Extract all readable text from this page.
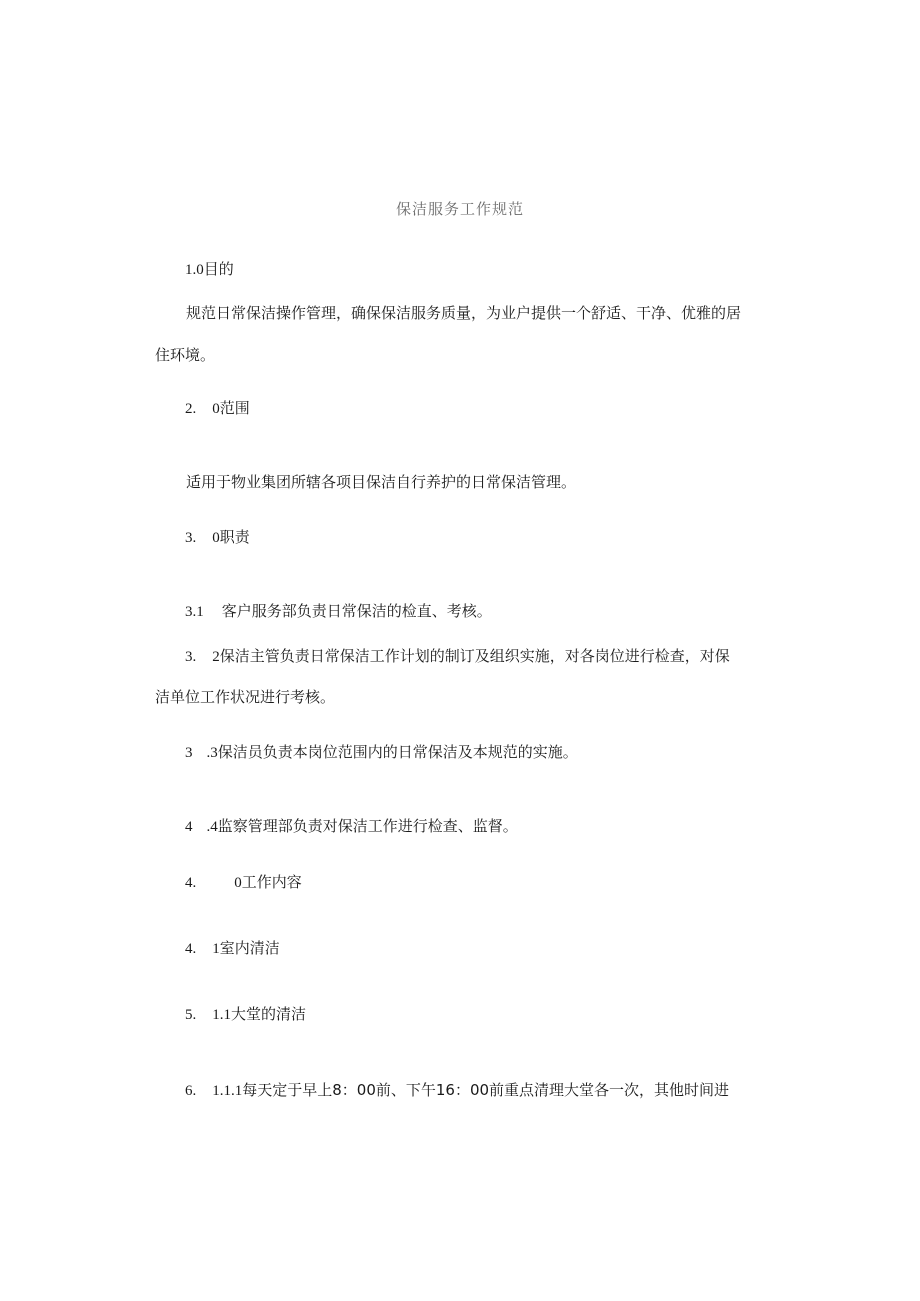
保洁服务工作规范
1.0目的
规范日常保洁操作管理，确保保洁服务质量，为业户提供一个舒适、干净、优雅的居
住环境。
2. 0范围
适用于物业集团所辖各项目保洁自行养护的日常保洁管理。
3. 0职责
3.1 客户服务部负责日常保洁的检直、考核。
3. 2保洁主管负责日常保洁工作计划的制订及组织实施，对各岗位进行检查，对保
洁单位工作状况进行考核。
3 .3保洁员负责本岗位范围内的日常保洁及本规范的实施。
4 .4监察管理部负责对保洁工作进行检查、监督。
4.	0工作内容
4. 1室内清洁
5. 1.1大堂的清洁
6. 1.1.1每天定于早上8：00前、下午16：00前重点清理大堂各一次，其他时间进
